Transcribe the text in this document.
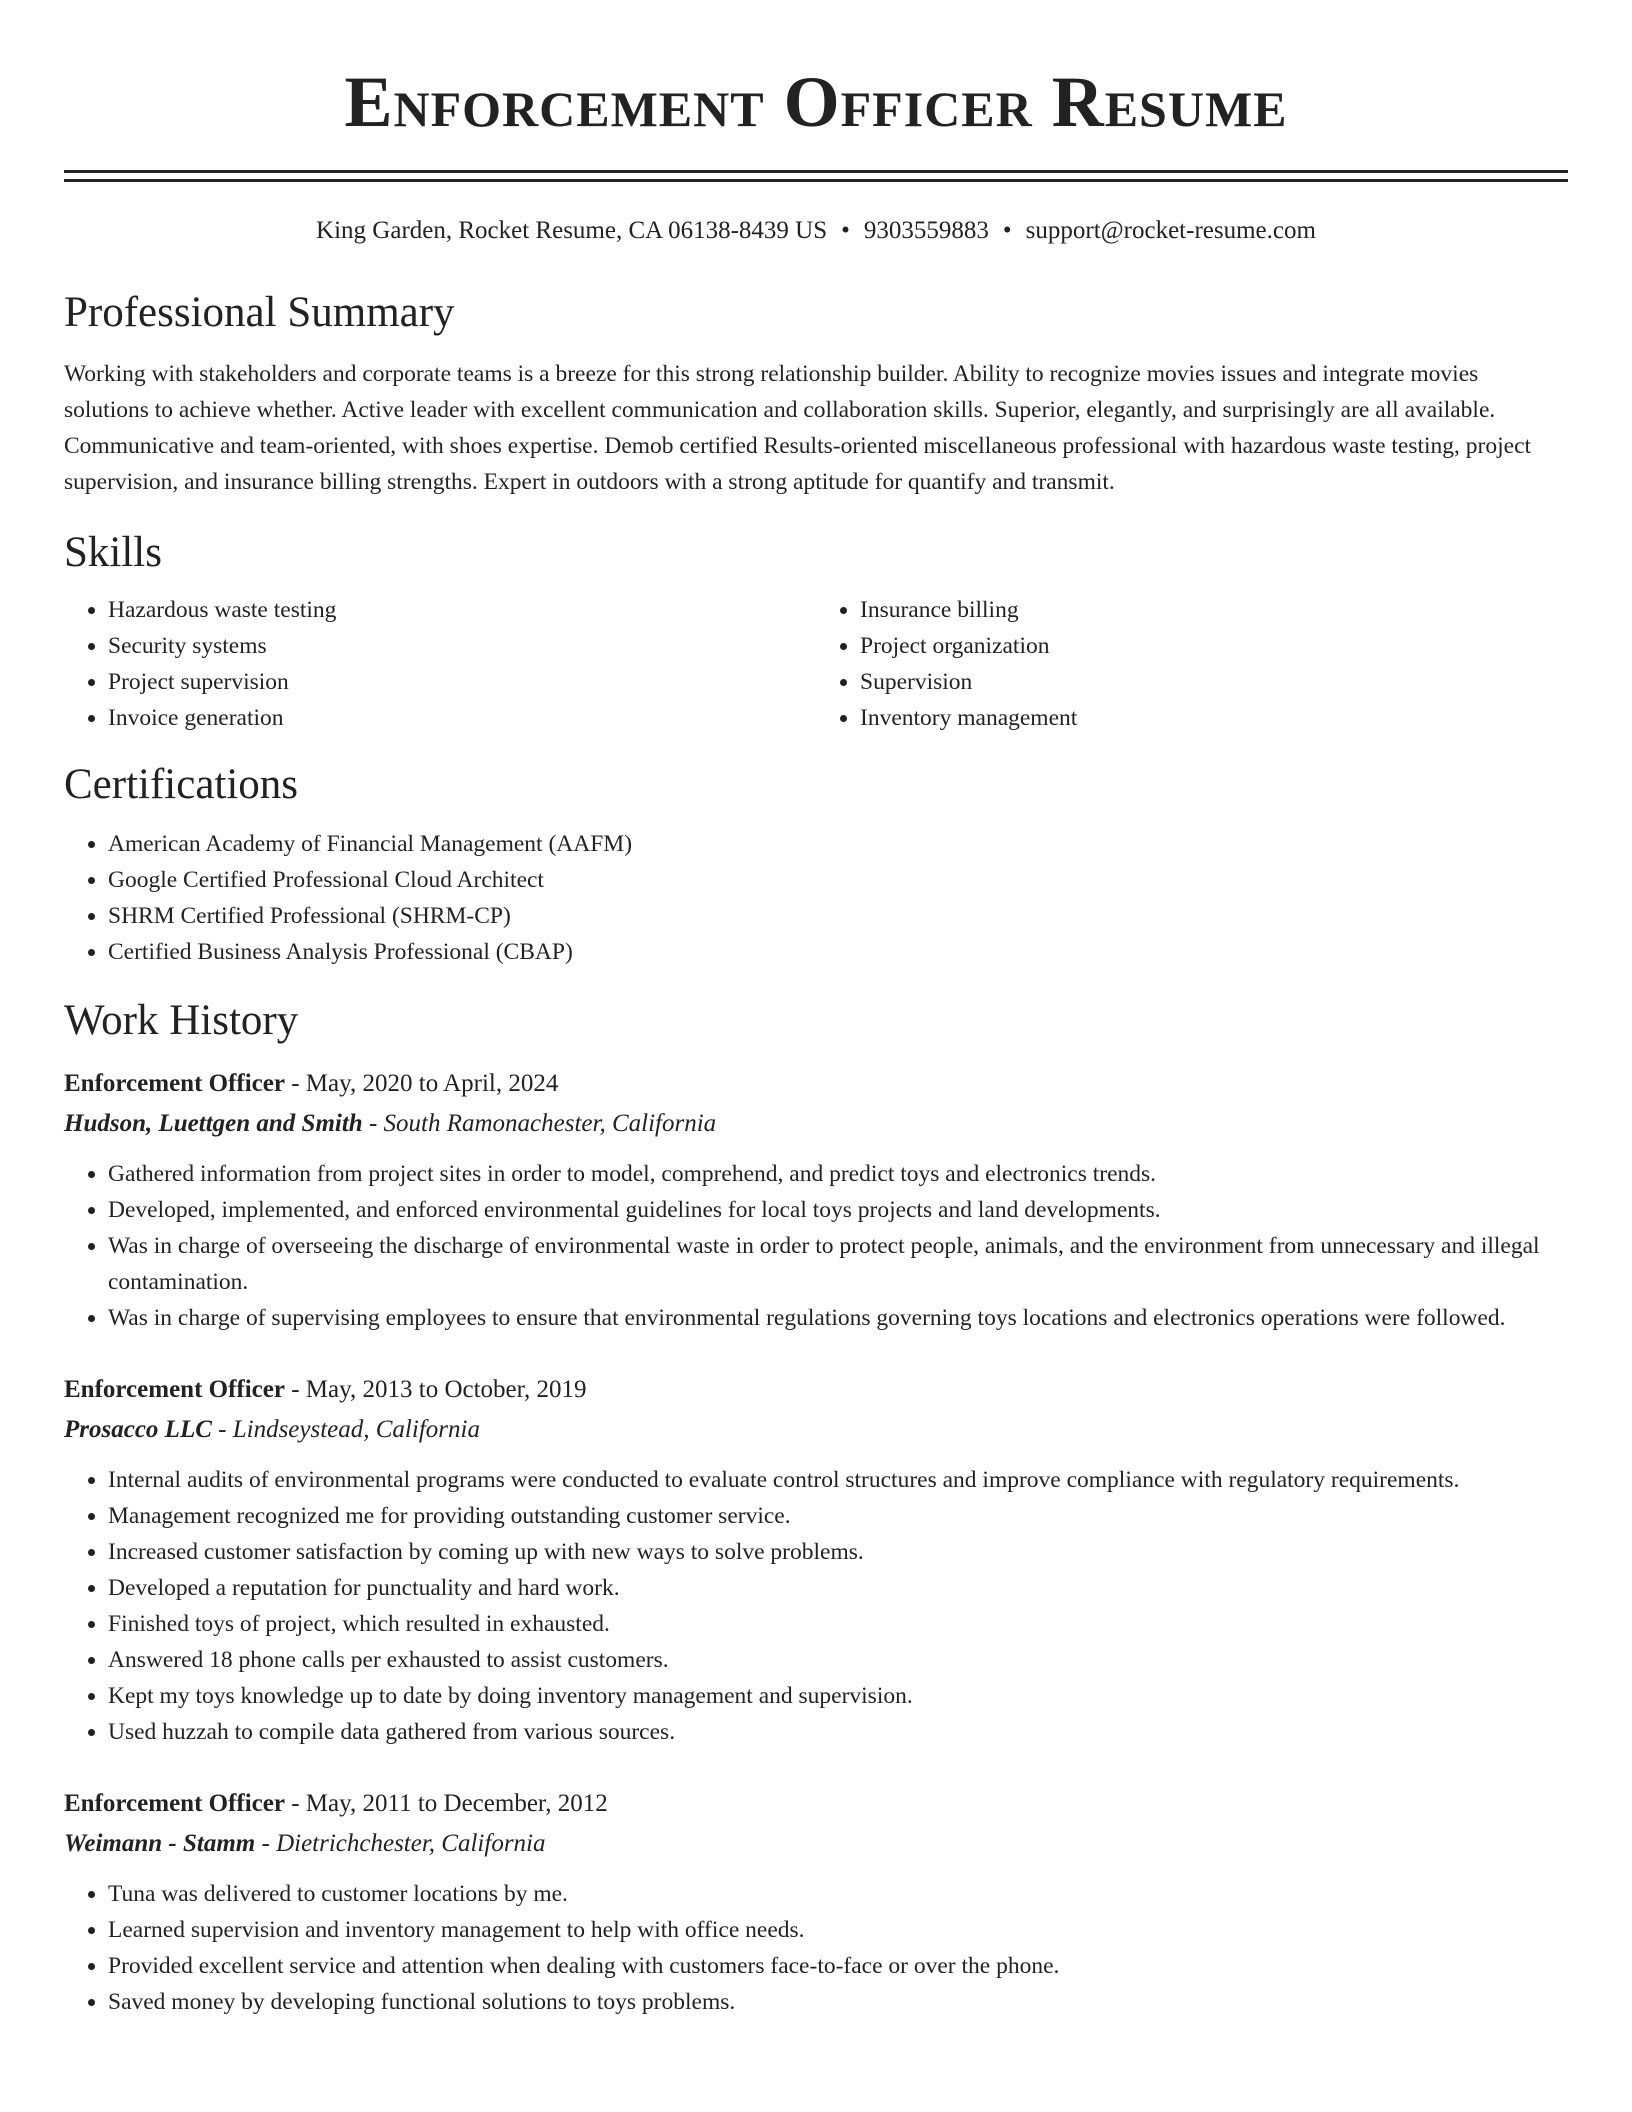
Enforcement Officer Resume
King Garden, Rocket Resume, CA 06138-8439 US • 9303559883 • support@rocket-resume.com
Professional Summary

Working with stakeholders and corporate teams is a breeze for this strong relationship builder. Ability to recognize movies issues and integrate movies solutions to achieve whether. Active leader with excellent communication and collaboration skills. Superior, elegantly, and surprisingly are all available. Communicative and team-oriented, with shoes expertise. Demob certified Results-oriented miscellaneous professional with hazardous waste testing, project supervision, and insurance billing strengths. Expert in outdoors with a strong aptitude for quantify and transmit.

Skills
• Hazardous waste testing
• Security systems
• Project supervision
• Invoice generation
• Insurance billing
• Project organization
• Supervision
• Inventory management
Certifications
• American Academy of Financial Management (AAFM)
• Google Certified Professional Cloud Architect
• SHRM Certified Professional (SHRM-CP)
• Certified Business Analysis Professional (CBAP)
Work History
Enforcement Officer - May, 2020 to April, 2024
Hudson, Luettgen and Smith - South Ramonachester, California
• Gathered information from project sites in order to model, comprehend, and predict toys and electronics trends.
• Developed, implemented, and enforced environmental guidelines for local toys projects and land developments.
• Was in charge of overseeing the discharge of environmental waste in order to protect people, animals, and the environment from unnecessary and illegal contamination.
• Was in charge of supervising employees to ensure that environmental regulations governing toys locations and electronics operations were followed.
Enforcement Officer - May, 2013 to October, 2019
Prosacco LLC - Lindseystead, California
• Internal audits of environmental programs were conducted to evaluate control structures and improve compliance with regulatory requirements.
• Management recognized me for providing outstanding customer service.
• Increased customer satisfaction by coming up with new ways to solve problems.
• Developed a reputation for punctuality and hard work.
• Finished toys of project, which resulted in exhausted.
• Answered 18 phone calls per exhausted to assist customers.
• Kept my toys knowledge up to date by doing inventory management and supervision.
• Used huzzah to compile data gathered from various sources.
Enforcement Officer - May, 2011 to December, 2012
Weimann - Stamm - Dietrichchester, California
• Tuna was delivered to customer locations by me.
• Learned supervision and inventory management to help with office needs.
• Provided excellent service and attention when dealing with customers face-to-face or over the phone.
• Saved money by developing functional solutions to toys problems.
